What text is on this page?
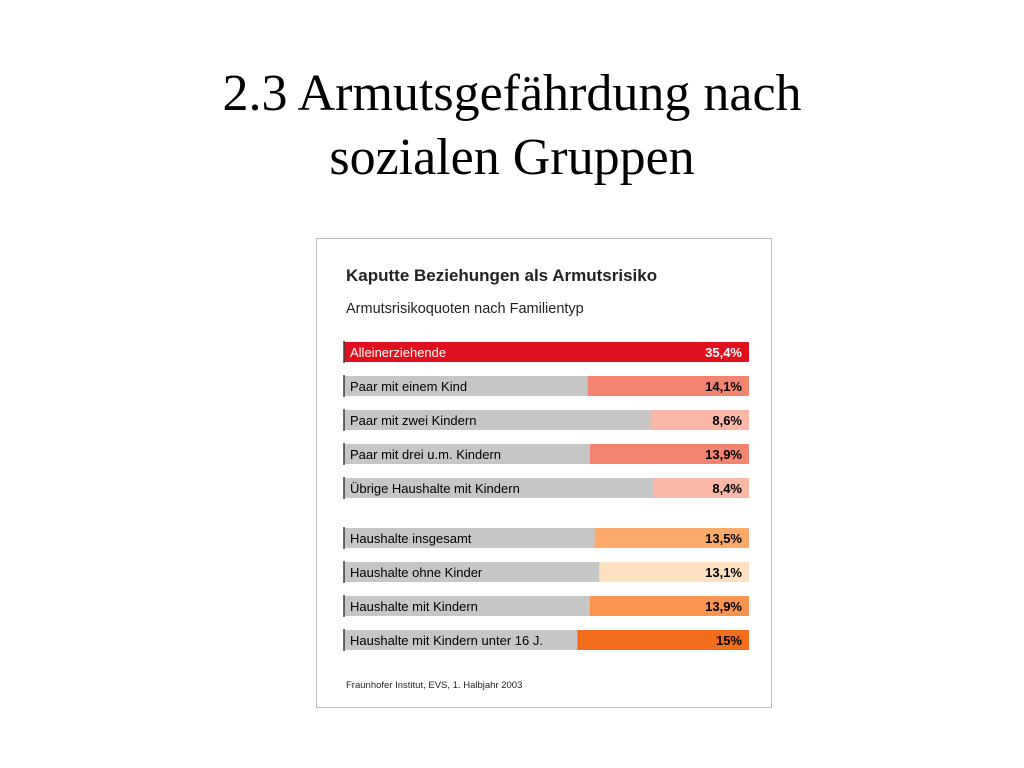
2.3 Armutsgefährdung nach
sozialen Gruppen
Kaputte Beziehungen als Armutsrisiko
Armutsrisikoquoten nach Familientyp
Alleinerziehende	35,4%
Paar mit einem Kind	14,1%
Paar mit zwei Kindern	8,6%
Paar mit drei u.m. Kindern	13,9%
Übrige Haushalte mit Kindern	8,4%
Haushalte insgesamt	13,5%
Haushalte ohne Kinder	13,1%
Haushalte mit Kindern	13,9%
Haushalte mit Kindern unter 16 J.	15%
Fraunhofer Institut, EVS, 1. Halbjahr 2003
